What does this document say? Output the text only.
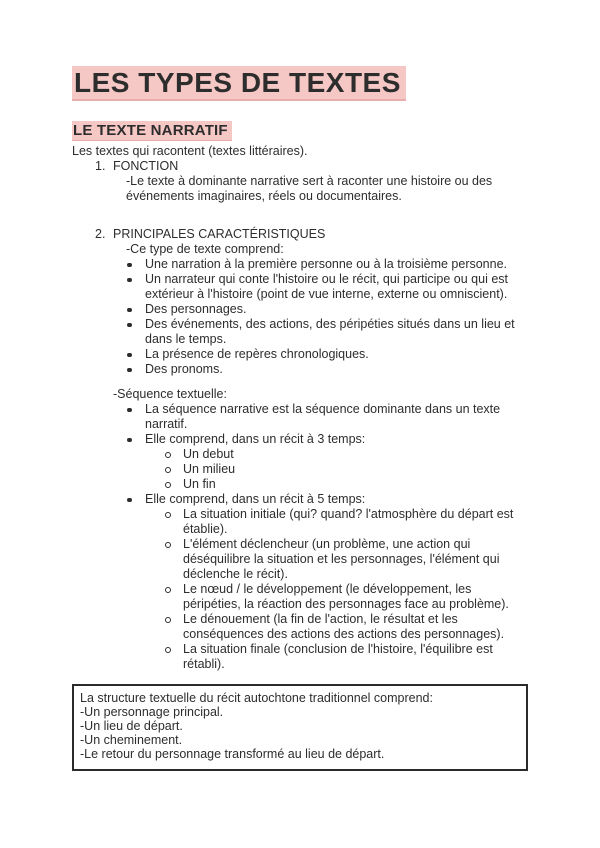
LES TYPES DE TEXTES
LE TEXTE NARRATIF

Les textes qui racontent (textes littéraires).

1. FONCTION
-Le texte à dominante narrative sert à raconter une histoire ou des événements imaginaires, réels ou documentaires.
2. PRINCIPALES CARACTÉRISTIQUES
-Ce type de texte comprend:
Une narration à la première personne ou à la troisième personne.
Un narrateur qui conte l'histoire ou le récit, qui participe ou qui est extérieur à l'histoire (point de vue interne, externe ou omniscient).
Des personnages.
Des événements, des actions, des péripéties situés dans un lieu et dans le temps.
La présence de repères chronologiques.
Des pronoms.
-Séquence textuelle:
La séquence narrative est la séquence dominante dans un texte narratif.
Elle comprend, dans un récit à 3 temps:
Un debut
Un milieu
Un fin
Elle comprend, dans un récit à 5 temps:
La situation initiale (qui? quand? l'atmosphère du départ est établie).
L'élément déclencheur (un problème, une action qui déséquilibre la situation et les personnages, l'élément qui déclenche le récit).
Le nœud / le développement (le développement, les péripéties, la réaction des personnages face au problème).
Le dénouement (la fin de l'action, le résultat et les conséquences des actions des actions des personnages).
La situation finale (conclusion de l'histoire, l'équilibre est rétabli).
La structure textuelle du récit autochtone traditionnel comprend:
-Un personnage principal.
-Un lieu de départ.
-Un cheminement.
-Le retour du personnage transformé au lieu de départ.
